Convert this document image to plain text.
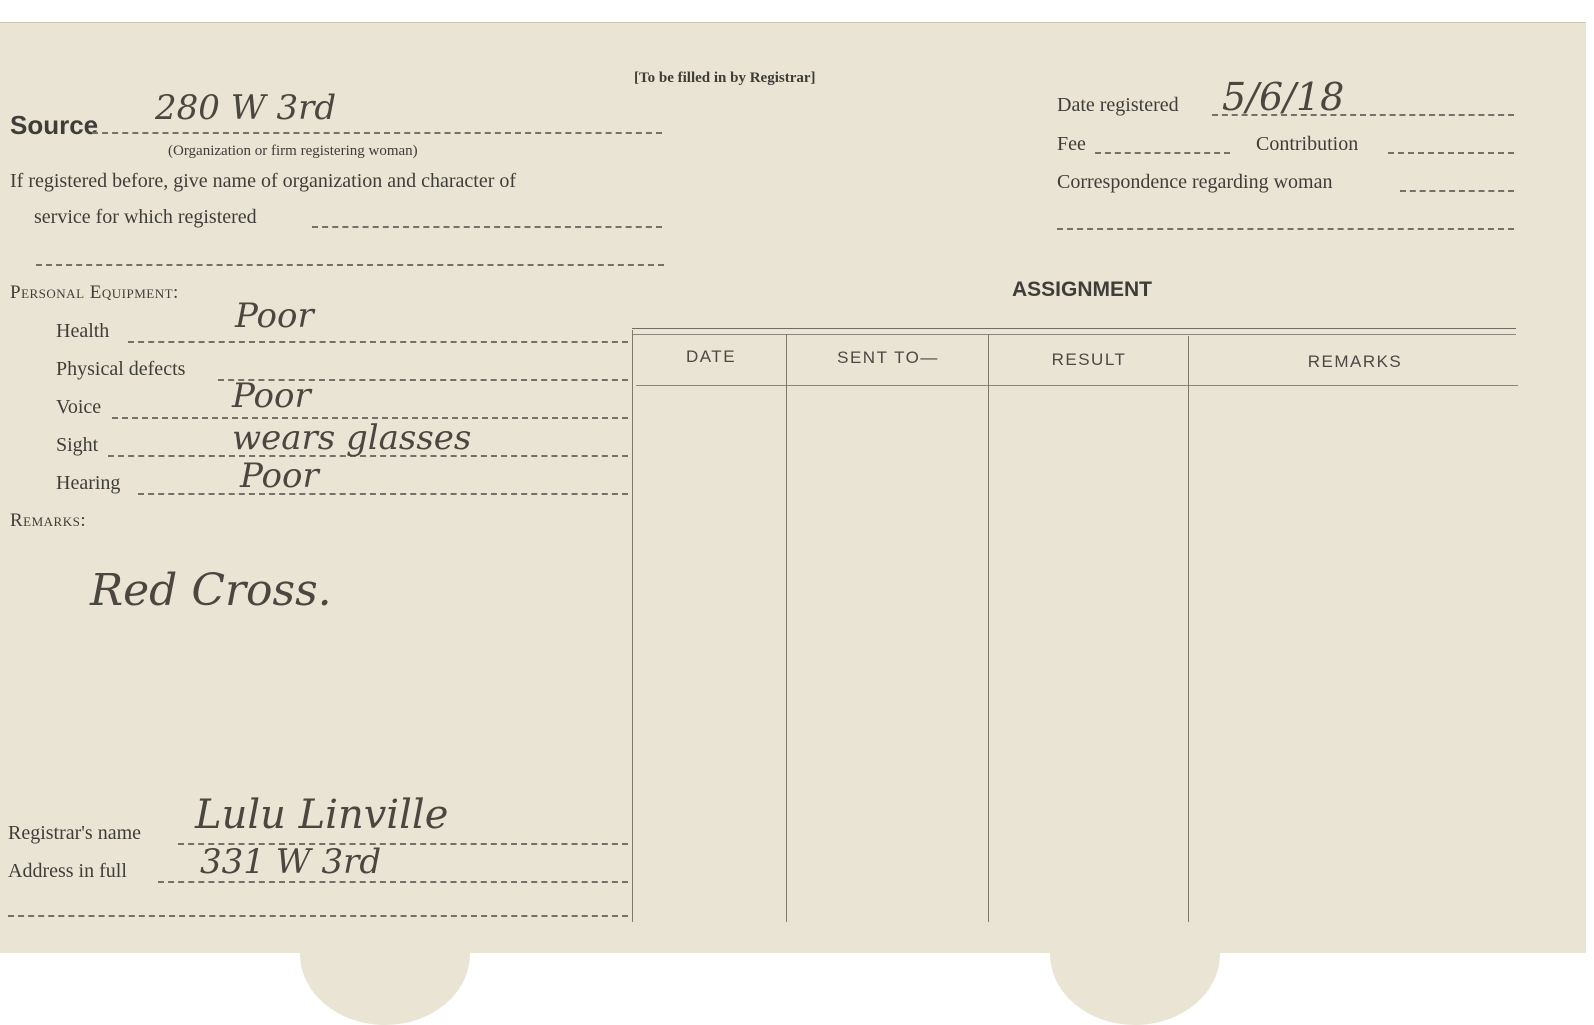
[To be filled in by Registrar]
Source 280 W 3rd
(Organization or firm registering woman)
If registered before, give name of organization and character of
service for which registered
Personal Equipment:
Health	Poor
Physical defects
Voice	Poor
Sight	wears glasses
Hearing	Poor
Remarks:
Red Cross.
Registrar's name Lulu Linville
Address in full 331 W 3rd
Date registered 5/6/18
Fee	Contribution
Correspondence regarding woman
ASSIGNMENT
DATE	SENT TO—	RESULT	REMARKS
